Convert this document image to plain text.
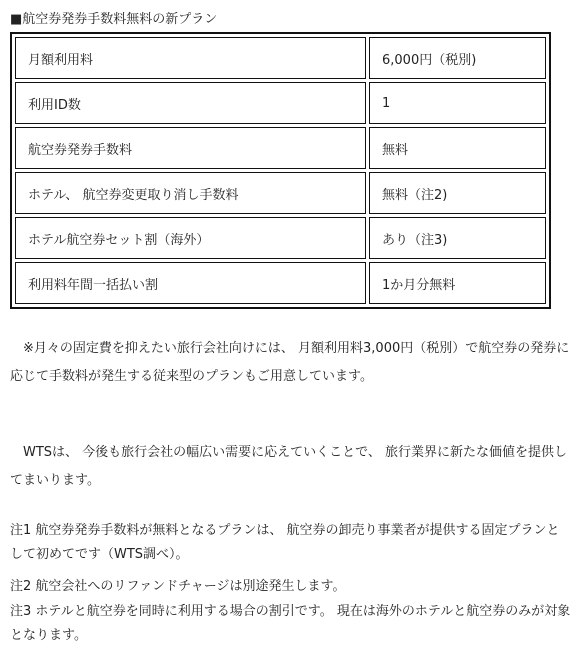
■航空券発券手数料無料の新プラン
月額利用料	6,000円（税別)
利用ID数	1
航空券発券手数料	無料
ホテル、 航空券変更取り消し手数料	無料（注2)
ホテル航空券セット割（海外）	あり（注3)
利用料年間一括払い割	1か月分無料

※月々の固定費を抑えたい旅行会社向けには、 月額利用料3,000円（税別）で航空券の発券に応じて手数料が発生する従来型のプランもご用意しています。

WTSは、 今後も旅行会社の幅広い需要に応えていくことで、 旅行業界に新たな価値を提供してまいります。

注1 航空券発券手数料が無料となるプランは、 航空券の卸売り事業者が提供する固定プランとして初めてです（WTS調べ）。

注2 航空会社へのリファンドチャージは別途発生します。

注3 ホテルと航空券を同時に利用する場合の割引です。 現在は海外のホテルと航空券のみが対象となります。
